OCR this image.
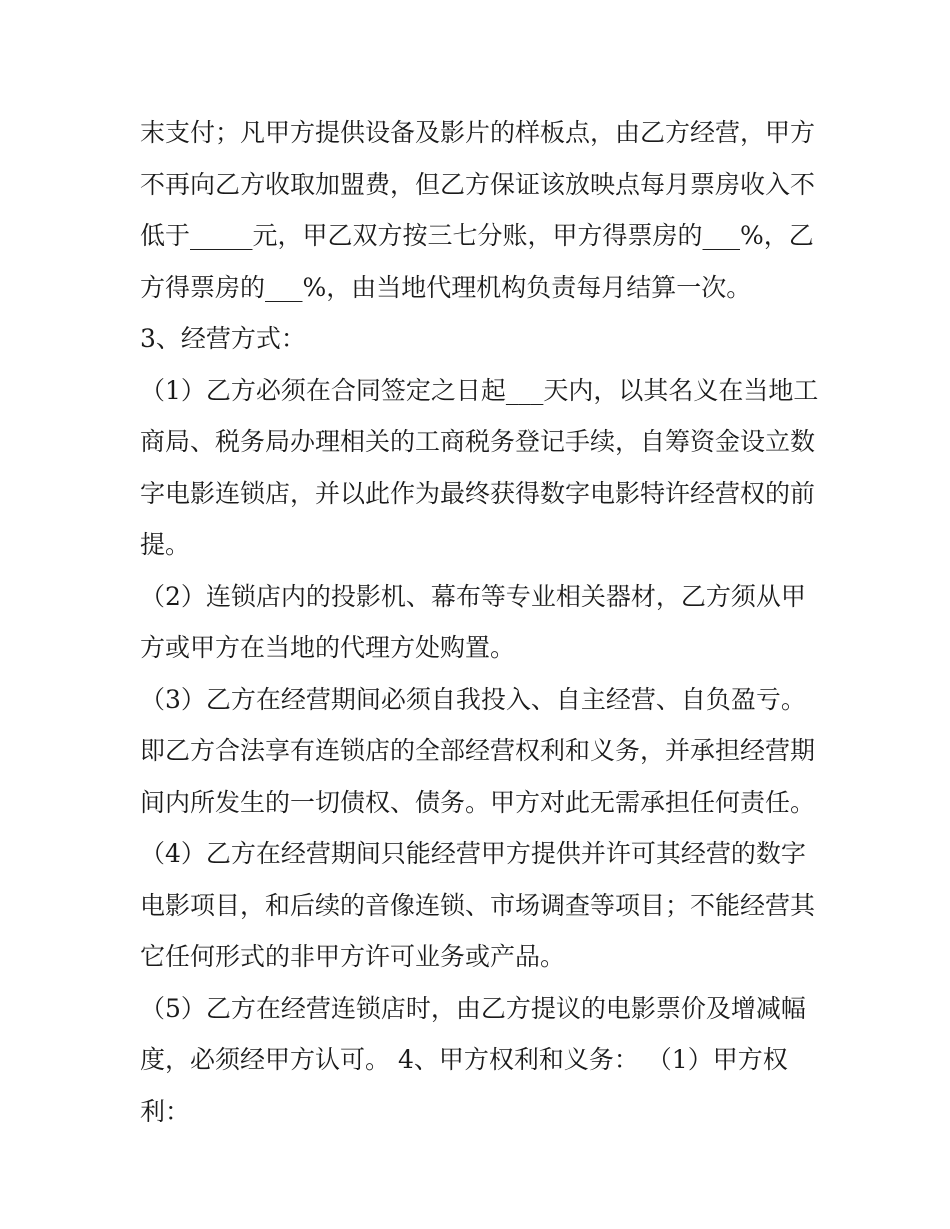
末支付；凡甲方提供设备及影片的样板点，由乙方经营，甲方
不再向乙方收取加盟费，但乙方保证该放映点每月票房收入不
低于_____元，甲乙双方按三七分账，甲方得票房的___%，乙
方得票房的___%，由当地代理机构负责每月结算一次。
3、经营方式：
（1）乙方必须在合同签定之日起___天内，以其名义在当地工
商局、税务局办理相关的工商税务登记手续，自筹资金设立数
字电影连锁店，并以此作为最终获得数字电影特许经营权的前
提。
（2）连锁店内的投影机、幕布等专业相关器材，乙方须从甲
方或甲方在当地的代理方处购置。
（3）乙方在经营期间必须自我投入、自主经营、自负盈亏。
即乙方合法享有连锁店的全部经营权利和义务，并承担经营期
间内所发生的一切债权、债务。甲方对此无需承担任何责任。
（4）乙方在经营期间只能经营甲方提供并许可其经营的数字
电影项目，和后续的音像连锁、市场调查等项目；不能经营其
它任何形式的非甲方许可业务或产品。
（5）乙方在经营连锁店时，由乙方提议的电影票价及增减幅
度，必须经甲方认可。 4、甲方权利和义务： （1）甲方权
利：
